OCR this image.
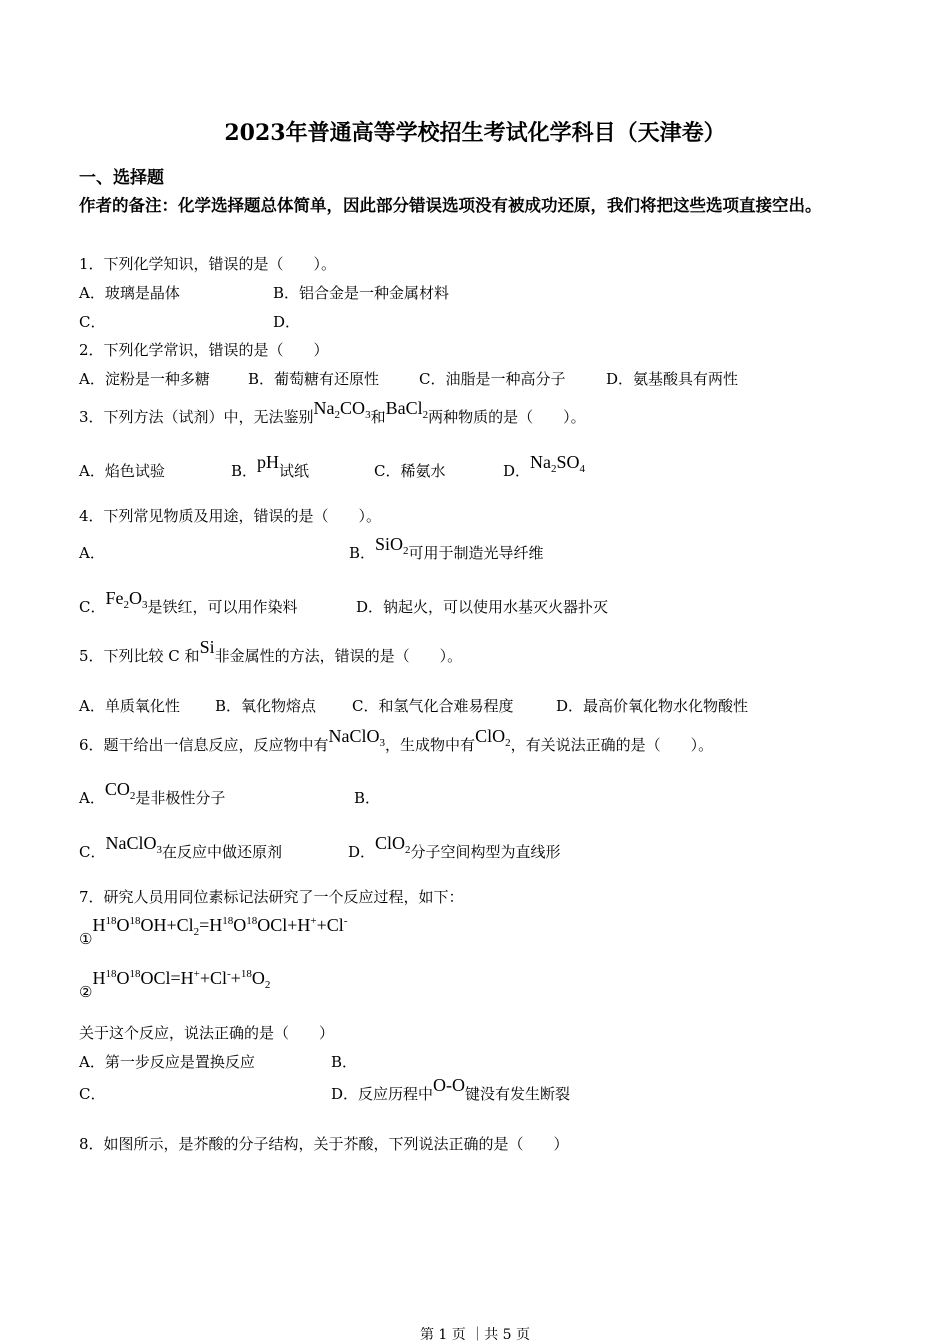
2023年普通高等学校招生考试化学科目（天津卷）
一、选择题
作者的备注：化学选择题总体简单，因此部分错误选项没有被成功还原，我们将把这些选项直接空出。
1．下列化学知识，错误的是（　　）。
A．玻璃是晶体	B．铝合金是一种金属材料
C．	D．
2．下列化学常识，错误的是（　　）
A．淀粉是一种多糖	B．葡萄糖有还原性	C．油脂是一种高分子	D．氨基酸具有两性
3．下列方法（试剂）中，无法鉴别$Na_2CO_3$和BaCl$_2$两种物质的是（　　）。
A．焰色试验	B．pH试纸	C．稀氨水	D．$Na_2SO_4$
4．下列常见物质及用途，错误的是（　　）。
A．	B．SiO$_2$可用于制造光导纤维
C．$Fe_2O_3$是铁红，可以用作染料	D．钠起火，可以使用水基灭火器扑灭
5．下列比较 C 和Si非金属性的方法，错误的是（　　）。
A．单质氧化性 B．氧化物熔点 C．和氢气化合难易程度	D．最高价氧化物水化物酸性
6．题干给出一信息反应，反应物中有NaClO$_3$，生成物中有ClO$_2$，有关说法正确的是（　　）。
A．$CO_2$是非极性分子	B．
C．NaClO$_3$在反应中做还原剂	D．ClO$_2$分子空间构型为直线形
7．研究人员用同位素标记法研究了一个反应过程，如下：
$①H^{18}O^{18}OH+Cl_2=H^{18}O^{18}OCl+H^++Cl^-$
$②H^{18}O^{18}OCl=H^++Cl^-+^{18}O_2$
关于这个反应，说法正确的是（　　）
A．第一步反应是置换反应	B．
C．	D．反应历程中O-O键没有发生断裂
8．如图所示，是芥酸的分子结构，关于芥酸，下列说法正确的是（　　）
第 1 页 ｜共 5 页
